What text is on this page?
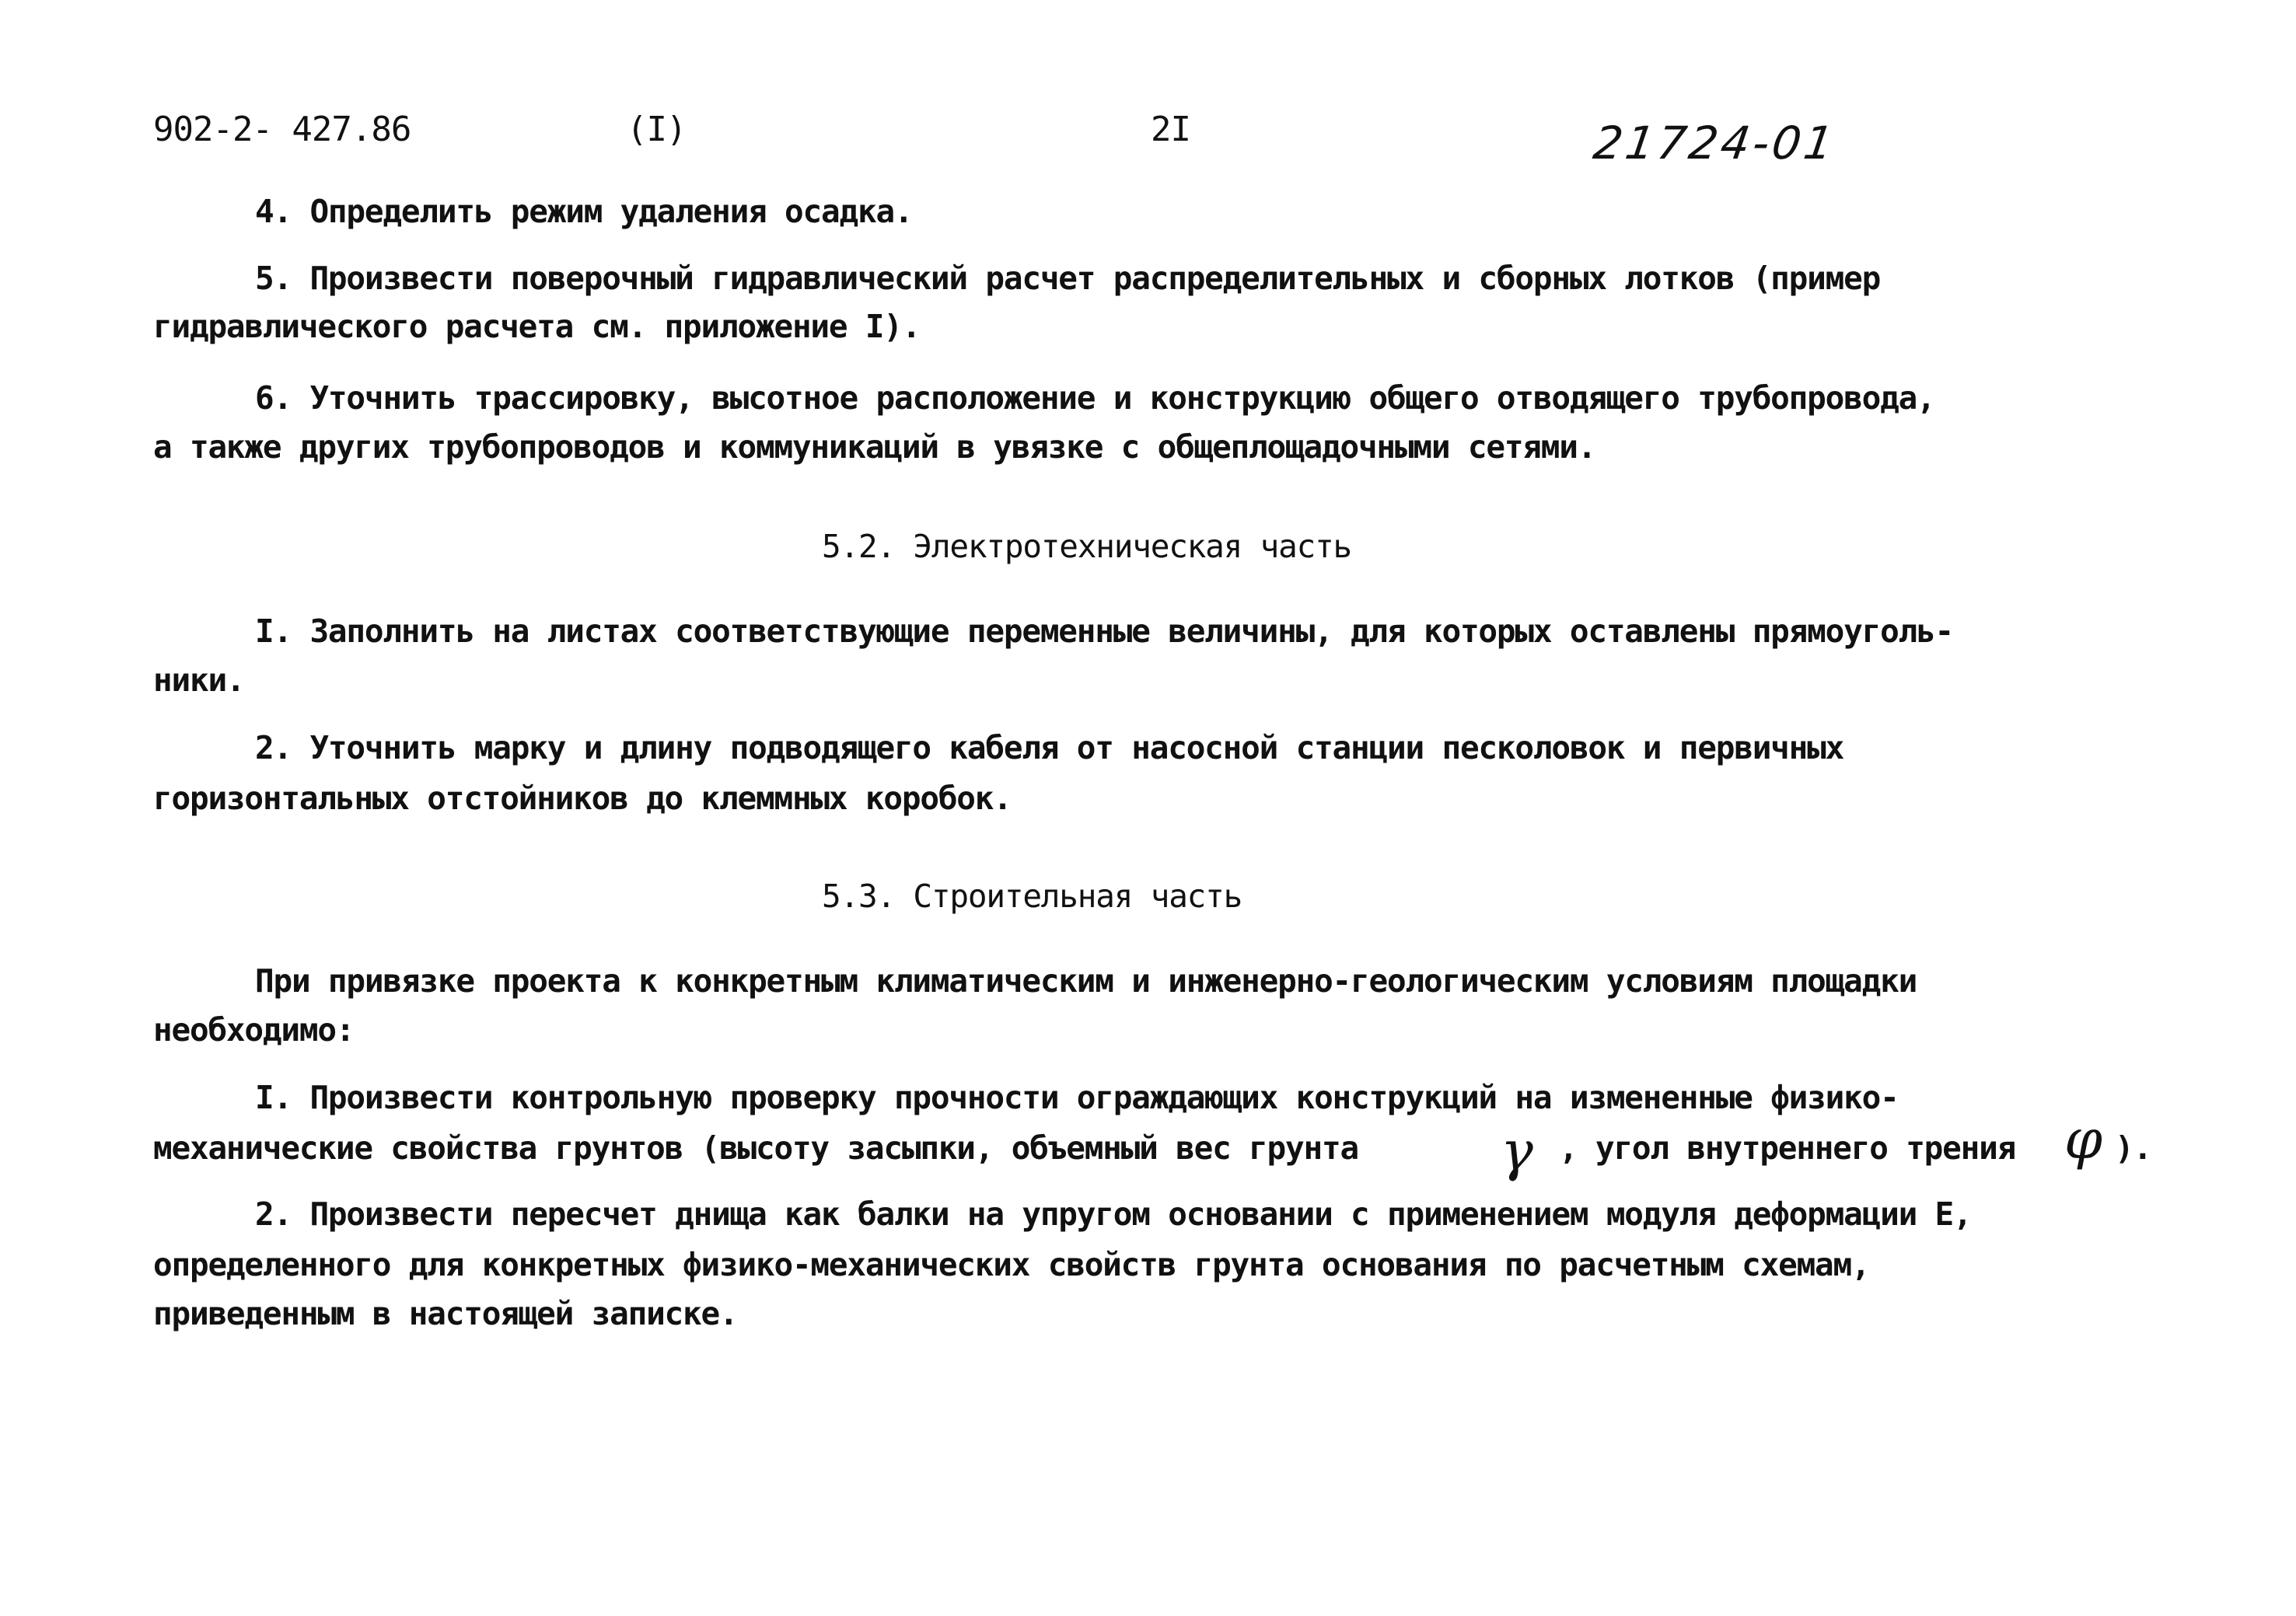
902-2- 427.86	(I)	2I	21724-01
4. Определить режим удаления осадка.
5. Произвести поверочный гидравлический расчет распределительных и сборных лотков (пример
гидравлического расчета см. приложение I).
6. Уточнить трассировку, высотное расположение и конструкцию общего отводящего трубопровода,
а также других трубопроводов и коммуникаций в увязке с общеплощадочными сетями.
5.2. Электротехническая часть
I. Заполнить на листах соответствующие переменные величины, для которых оставлены прямоуголь-
ники.
2. Уточнить марку и длину подводящего кабеля от насосной станции песколовок и первичных
горизонтальных отстойников до клеммных коробок.
5.3. Строительная часть
При привязке проекта к конкретным климатическим и инженерно-геологическим условиям площадки
необходимо:
I. Произвести контрольную проверку прочности ограждающих конструкций на измененные физико-
механические свойства грунтов (высоту засыпки, объемный вес грунта	γ , угол внутреннего трения φ ).
2. Произвести пересчет днища как балки на упругом основании с применением модуля деформации E,
определенного для конкретных физико-механических свойств грунта основания по расчетным схемам,
приведенным в настоящей записке.
